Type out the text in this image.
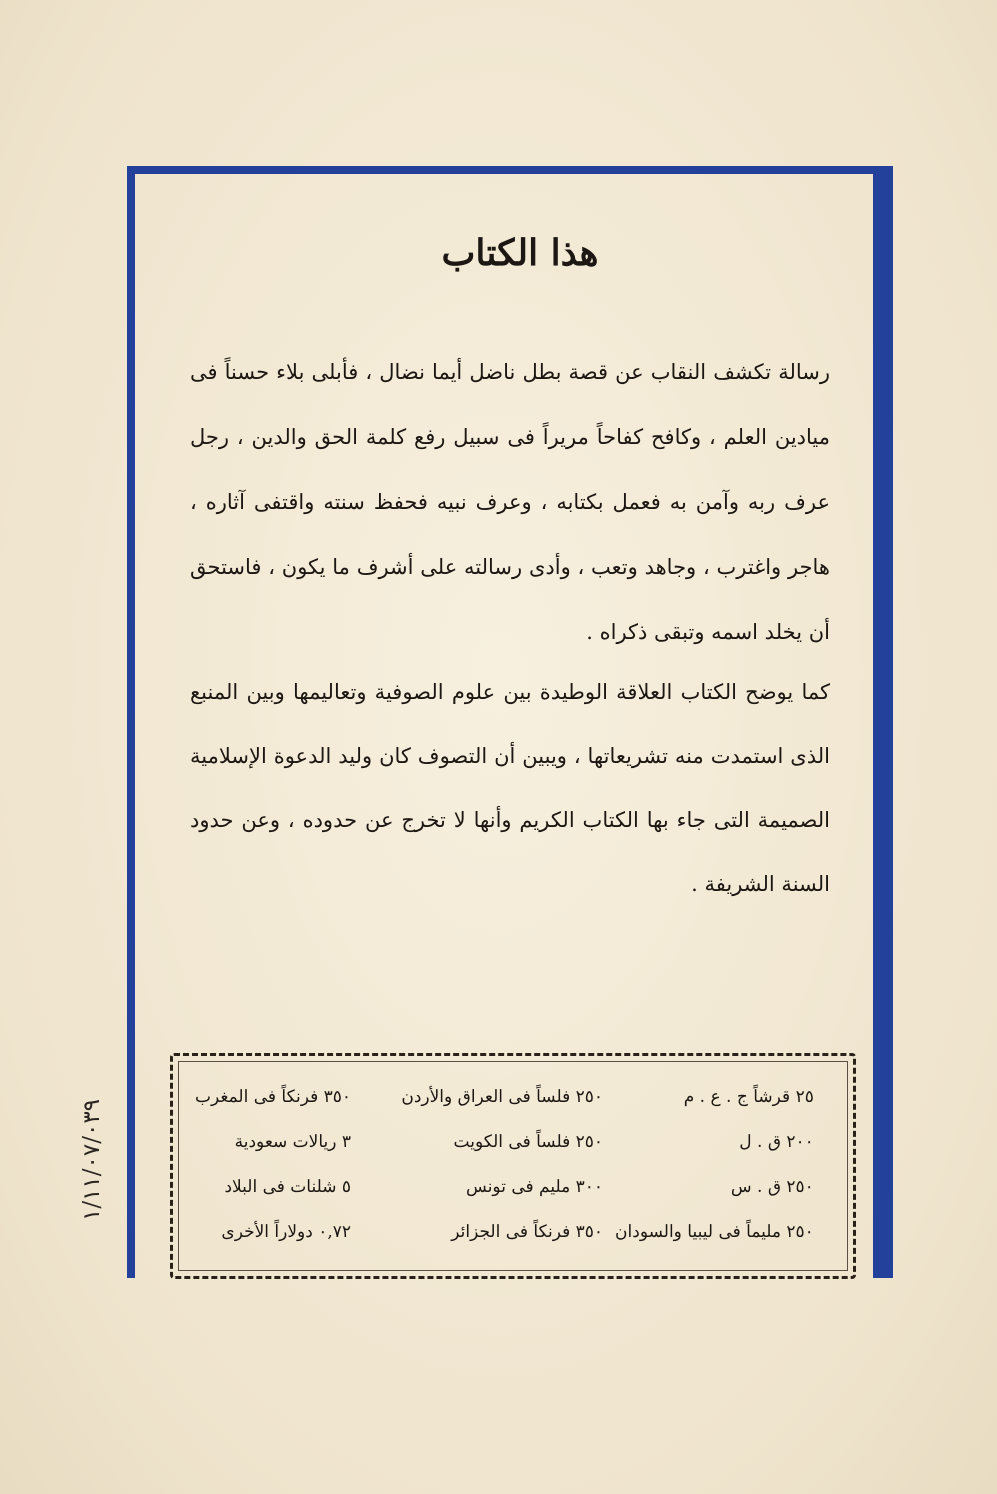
هذا الكتاب

رسالة تكشف النقاب عن قصة بطل ناضل أيما نضال ، فأبلى بلاء حسناً فى ميادين العلم ، وكافح كفاحاً مريراً فى سبيل رفع كلمة الحق والدين ، رجل عرف ربه وآمن به فعمل بكتابه ، وعرف نبيه فحفظ سنته واقتفى آثاره ، هاجر واغترب ، وجاهد وتعب ، وأدى رسالته على أشرف ما يكون ، فاستحق أن يخلد اسمه وتبقى ذكراه .

كما يوضح الكتاب العلاقة الوطيدة بين علوم الصوفية وتعاليمها وبين المنبع الذى استمدت منه تشريعاتها ، ويبين أن التصوف كان وليد الدعوة الإسلامية الصميمة التى جاء بها الكتاب الكريم وأنها لا تخرج عن حدوده ، وعن حدود السنة الشريفة .

٢٥ قرشاً ج . ع . م	٢٥٠ فلساً فى العراق والأردن	٣٥٠ فرنكاً فى المغرب
٢٠٠ ق . ل	٢٥٠ فلساً فى الكويت	٣ ريالات سعودية
٢٥٠ ق . س	٣٠٠ مليم فى تونس	٥ شلنات فى البلاد
٢٥٠ مليماً فى ليبيا والسودان	٣٥٠ فرنكاً فى الجزائر	٠,٧٢ دولاراً الأخرى
١/١١/٠٧/٠٣٩
